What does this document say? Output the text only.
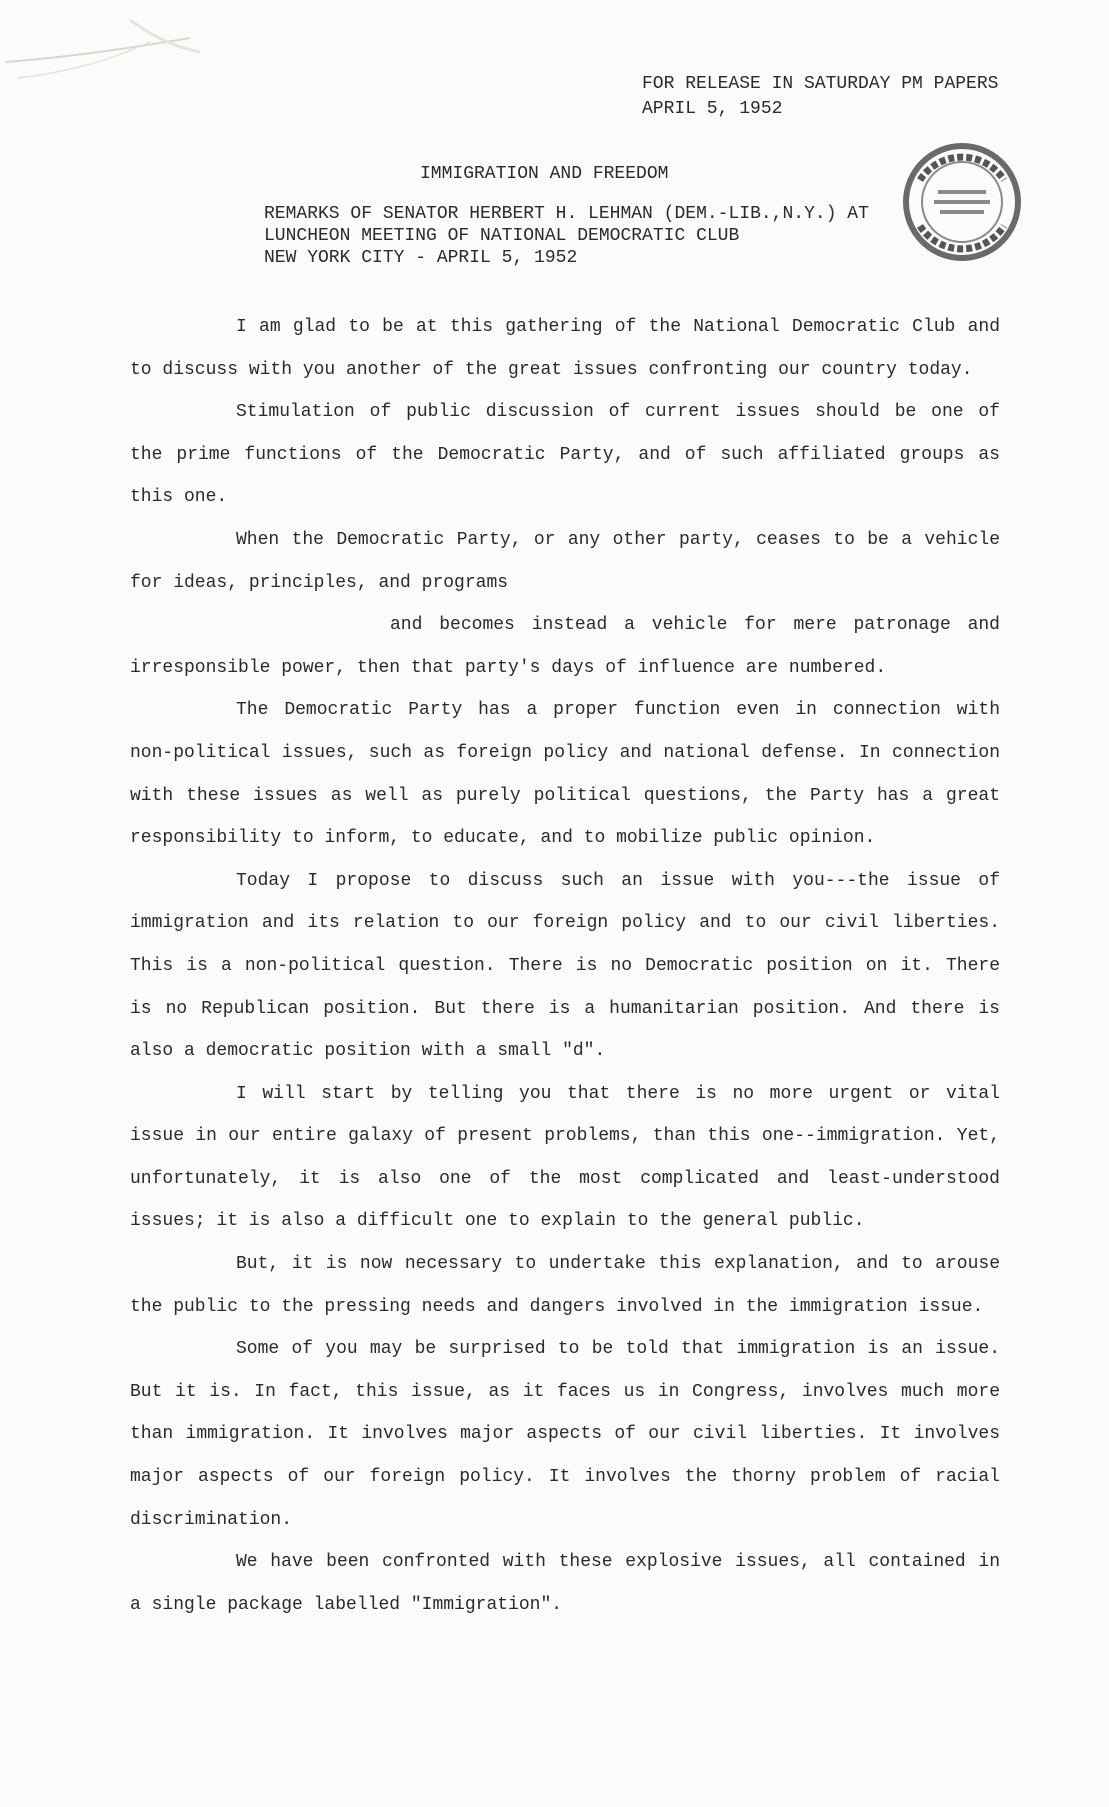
FOR RELEASE IN SATURDAY PM PAPERS
APRIL 5, 1952
IMMIGRATION AND FREEDOM
REMARKS OF SENATOR HERBERT H. LEHMAN (DEM.-LIB.,N.Y.) AT
LUNCHEON MEETING OF NATIONAL DEMOCRATIC CLUB
NEW YORK CITY - APRIL 5, 1952

I am glad to be at this gathering of the National Democratic Club and to discuss with you another of the great issues confronting our country today.

Stimulation of public discussion of current issues should be one of the prime functions of the Democratic Party, and of such affiliated groups as this one.

When the Democratic Party, or any other party, ceases to be a vehicle for ideas, principles, and programs

and becomes instead a vehicle for mere patronage and irresponsible power, then that party's days of influence are numbered.

The Democratic Party has a proper function even in connection with non-political issues, such as foreign policy and national defense. In connection with these issues as well as purely political questions, the Party has a great responsibility to inform, to educate, and to mobilize public opinion.

Today I propose to discuss such an issue with you---the issue of immigration and its relation to our foreign policy and to our civil liberties. This is a non-political question. There is no Democratic position on it. There is no Republican position. But there is a humanitarian position. And there is also a democratic position with a small "d".

I will start by telling you that there is no more urgent or vital issue in our entire galaxy of present problems, than this one--immigration. Yet, unfortunately, it is also one of the most complicated and least-understood issues; it is also a difficult one to explain to the general public.

But, it is now necessary to undertake this explanation, and to arouse the public to the pressing needs and dangers involved in the immigration issue.

Some of you may be surprised to be told that immigration is an issue. But it is. In fact, this issue, as it faces us in Congress, involves much more than immigration. It involves major aspects of our civil liberties. It involves major aspects of our foreign policy. It involves the thorny problem of racial discrimination.

We have been confronted with these explosive issues, all contained in a single package labelled "Immigration".
